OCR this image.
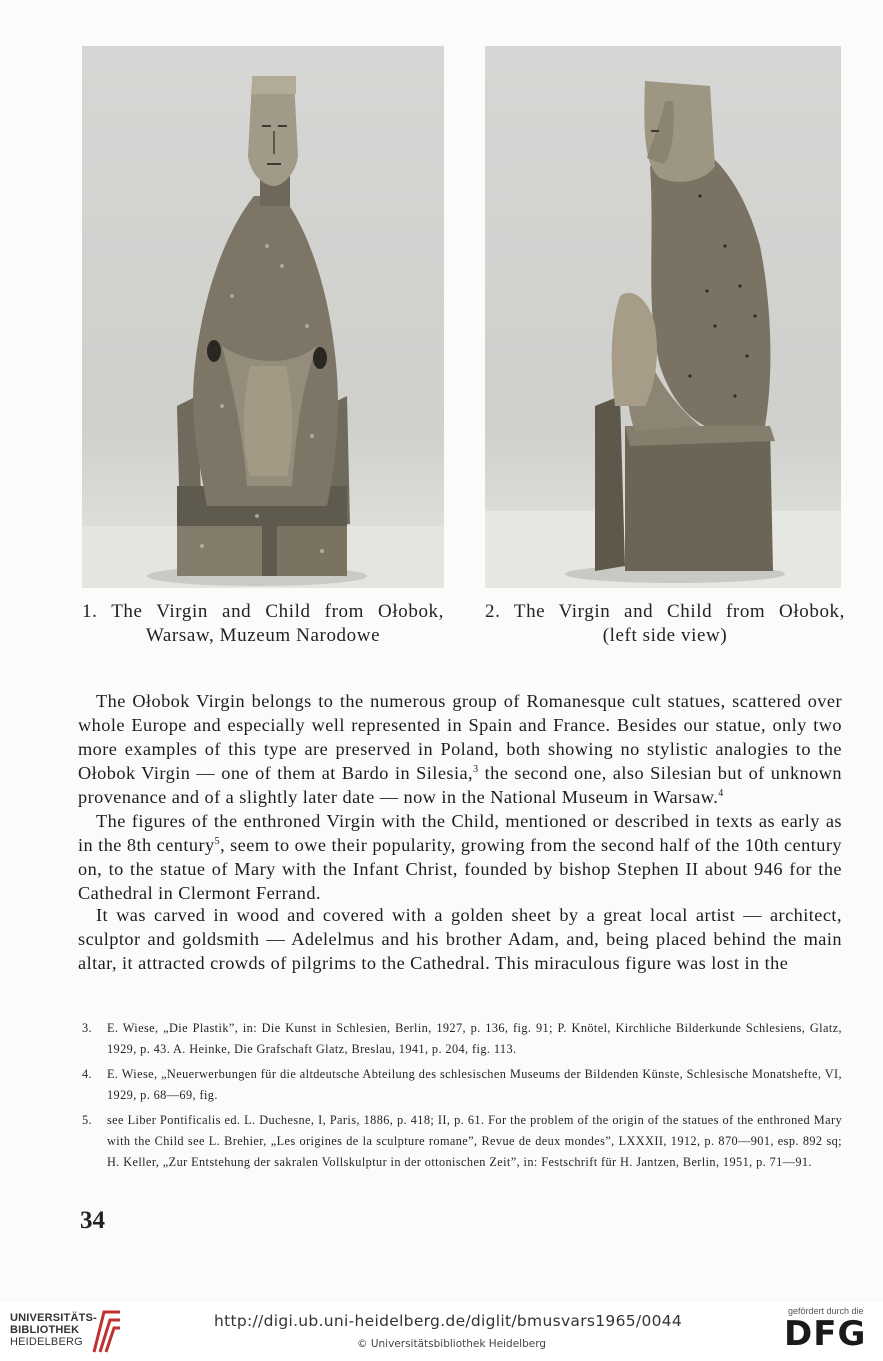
1. The Virgin and Child from Ołobok,
Warsaw, Muzeum Narodowe
2. The Virgin and Child from Ołobok,
(left side view)

The Ołobok Virgin belongs to the numerous group of Romanesque cult statues, scattered over whole Europe and especially well represented in Spain and France. Besides our statue, only two more examples of this type are preserved in Poland, both showing no stylistic analogies to the Ołobok Virgin — one of them at Bardo in Silesia,$^3$ the second one, also Silesian but of unknown provenance and of a slightly later date — now in the National Museum in Warsaw.$^4$

The figures of the enthroned Virgin with the Child, mentioned or described in texts as early as in the 8th century$^5$, seem to owe their popularity, growing from the second half of the 10th century on, to the statue of Mary with the Infant Christ, founded by bishop Stephen II about 946 for the Cathedral in Clermont Ferrand.

It was carved in wood and covered with a golden sheet by a great local artist — architect, sculptor and goldsmith — Adelelmus and his brother Adam, and, being placed behind the main altar, it attracted crowds of pilgrims to the Cathedral. This miraculous figure was lost in the

3. E. Wiese, „Die Plastik”, in: Die Kunst in Schlesien, Berlin, 1927, p. 136, fig. 91; P. Knötel, Kirchliche Bilderkunde Schlesiens, Glatz, 1929, p. 43. A. Heinke, Die Grafschaft Glatz, Breslau, 1941, p. 204, fig. 113.
4. E. Wiese, „Neuerwerbungen für die altdeutsche Abteilung des schlesischen Museums der Bildenden Künste, Schlesische Monatshefte, VI, 1929, p. 68—69, fig.
5. see Liber Pontificalis ed. L. Duchesne, I, Paris, 1886, p. 418; II, p. 61. For the problem of the origin of the statues of the enthroned Mary with the Child see L. Brehier, „Les origines de la sculpture romane”, Revue de deux mondes”, LXXXII, 1912, p. 870—901, esp. 892 sq; H. Keller, „Zur Entstehung der sakralen Vollskulptur in der ottonischen Zeit”, in: Festschrift für H. Jantzen, Berlin, 1951, p. 71—91.
34
UNIVERSITÄTS-
BIBLIOTHEK
HEIDELBERG
http://digi.ub.uni-heidelberg.de/diglit/bmusvars1965/0044
© Universitätsbibliothek Heidelberg
gefördert durch die
DFG
